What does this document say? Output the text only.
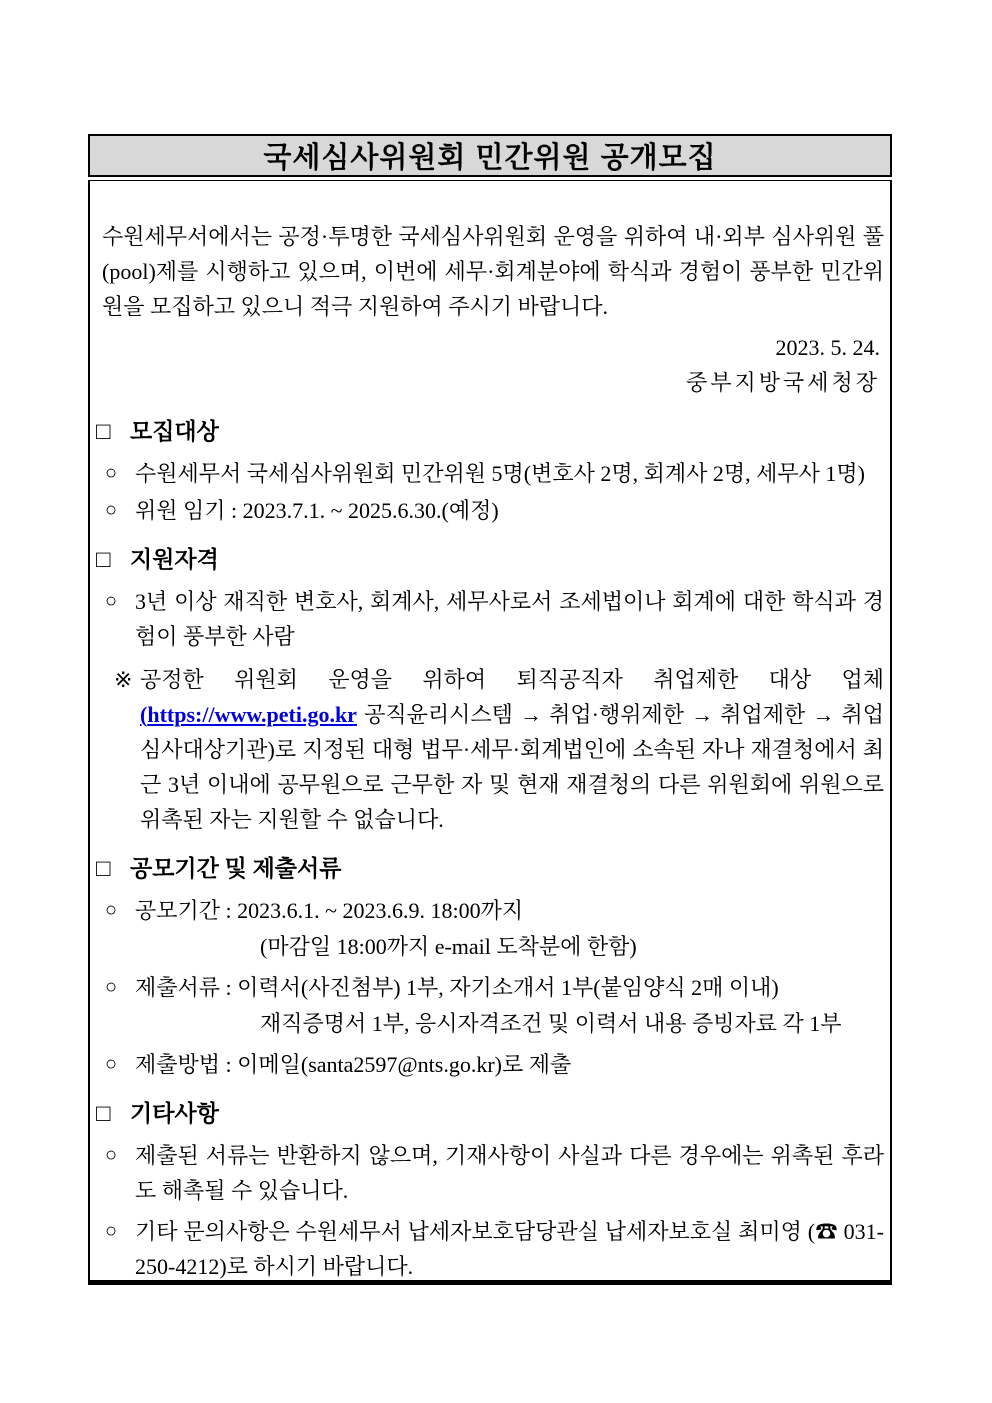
국세심사위원회 민간위원 공개모집

수원세무서에서는 공정·투명한 국세심사위원회 운영을 위하여 내·외부 심사위원 풀(pool)제를 시행하고 있으며, 이번에 세무·회계분야에 학식과 경험이 풍부한 민간위원을 모집하고 있으니 적극 지원하여 주시기 바랍니다.

2023. 5. 24.
중부지방국세청장
□ 모집대상
○ 수원세무서 국세심사위원회 민간위원 5명(변호사 2명, 회계사 2명, 세무사 1명)
○ 위원 임기 : 2023.7.1. ~ 2025.6.30.(예정)
□ 지원자격
○ 3년 이상 재직한 변호사, 회계사, 세무사로서 조세법이나 회계에 대한 학식과 경험이 풍부한 사람
※ 공정한 위원회 운영을 위하여 퇴직공직자 취업제한 대상 업체 (https://www.peti.go.kr 공직윤리시스템 → 취업·행위제한 → 취업제한 → 취업심사대상기관)로 지정된 대형 법무·세무·회계법인에 소속된 자나 재결청에서 최근 3년 이내에 공무원으로 근무한 자 및 현재 재결청의 다른 위원회에 위원으로 위촉된 자는 지원할 수 없습니다.
□ 공모기간 및 제출서류
○ 공모기간 : 2023.6.1. ~ 2023.6.9. 18:00까지
(마감일 18:00까지 e-mail 도착분에 한함)
○ 제출서류 : 이력서(사진첨부) 1부, 자기소개서 1부(붙임양식 2매 이내)
재직증명서 1부, 응시자격조건 및 이력서 내용 증빙자료 각 1부
○ 제출방법 : 이메일(santa2597@nts.go.kr)로 제출
□ 기타사항
○ 제출된 서류는 반환하지 않으며, 기재사항이 사실과 다른 경우에는 위촉된 후라도 해촉될 수 있습니다.
○ 기타 문의사항은 수원세무서 납세자보호담당관실 납세자보호실 최미영 (☎ 031-250-4212)로 하시기 바랍니다.
